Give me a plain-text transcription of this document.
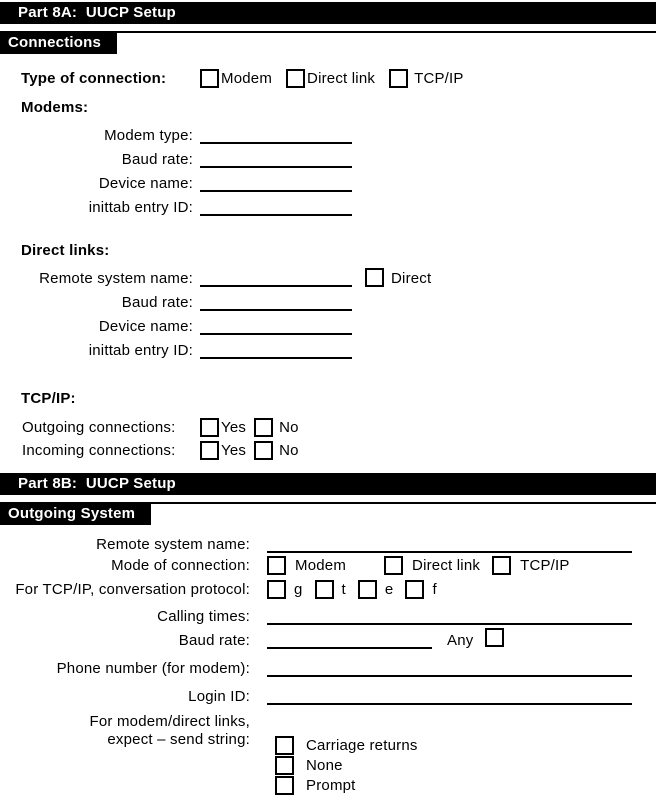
Part 8A:  UUCP Setup
Connections
Type of connection:	Modem Direct link	TCP/IP
Modems:
Modem type:
Baud rate:
Device name:
inittab entry ID:
Direct links:
Remote system name:	Direct
Baud rate:
Device name:
inittab entry ID:
TCP/IP:
Outgoing connections:	Yes No
Incoming connections:	Yes No
Part 8B:  UUCP Setup
Outgoing System
Remote system name:
Mode of connection:	Modem	Direct link	TCP/IP
For TCP/IP, conversation protocol:	g	t	e	f
Calling times:
Baud rate:	Any
Phone number (for modem):
Login ID:
For modem/direct links,
expect – send string:	Carriage returns
None
Prompt
